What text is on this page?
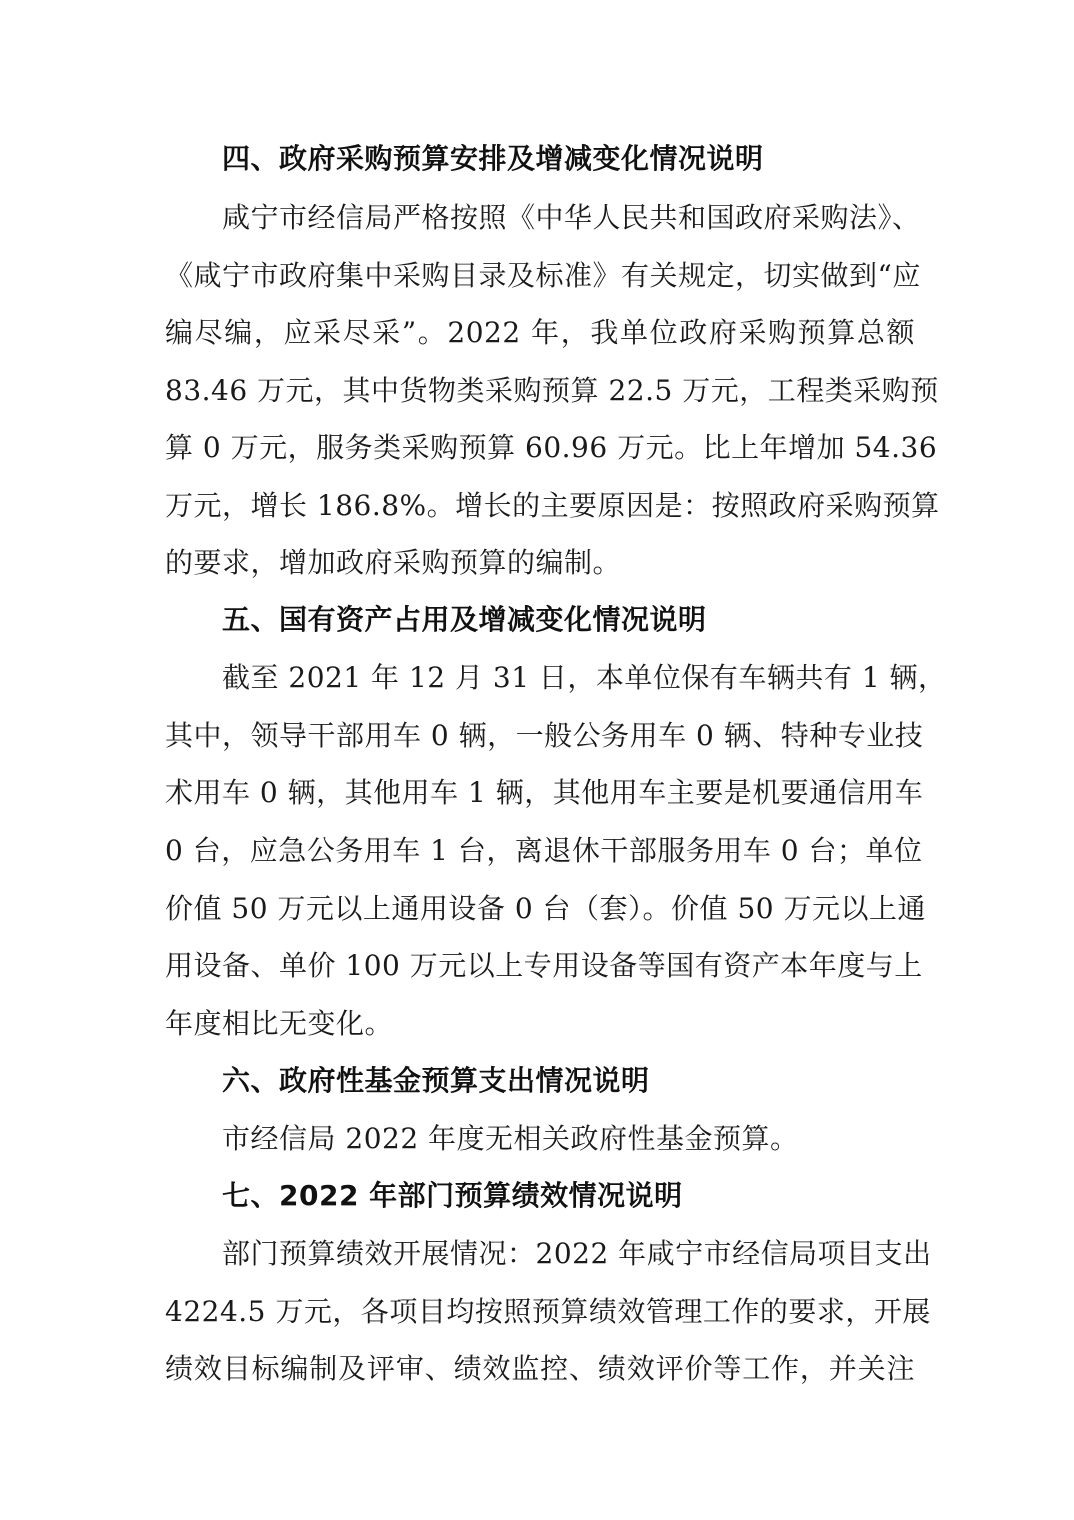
四、政府采购预算安排及增减变化情况说明
咸宁市经信局严格按照《中华人民共和国政府采购法》、
《咸宁市政府集中采购目录及标准》有关规定，切实做到“应
编尽编，应采尽采”。2022 年，我单位政府采购预算总额
83.46 万元，其中货物类采购预算 22.5 万元，工程类采购预
算 0 万元，服务类采购预算 60.96 万元。比上年增加 54.36
万元，增长 186.8%。增长的主要原因是：按照政府采购预算
的要求，增加政府采购预算的编制。
五、国有资产占用及增减变化情况说明
截至 2021 年 12 月 31 日，本单位保有车辆共有 1 辆，
其中，领导干部用车 0 辆，一般公务用车 0 辆、特种专业技
术用车 0 辆，其他用车 1 辆，其他用车主要是机要通信用车
0 台，应急公务用车 1 台，离退休干部服务用车 0 台；单位
价值 50 万元以上通用设备 0 台（套）。价值 50 万元以上通
用设备、单价 100 万元以上专用设备等国有资产本年度与上
年度相比无变化。
六、政府性基金预算支出情况说明
市经信局 2022 年度无相关政府性基金预算。
七、2022 年部门预算绩效情况说明
部门预算绩效开展情况：2022 年咸宁市经信局项目支出
4224.5 万元，各项目均按照预算绩效管理工作的要求，开展
绩效目标编制及评审、绩效监控、绩效评价等工作，并关注
